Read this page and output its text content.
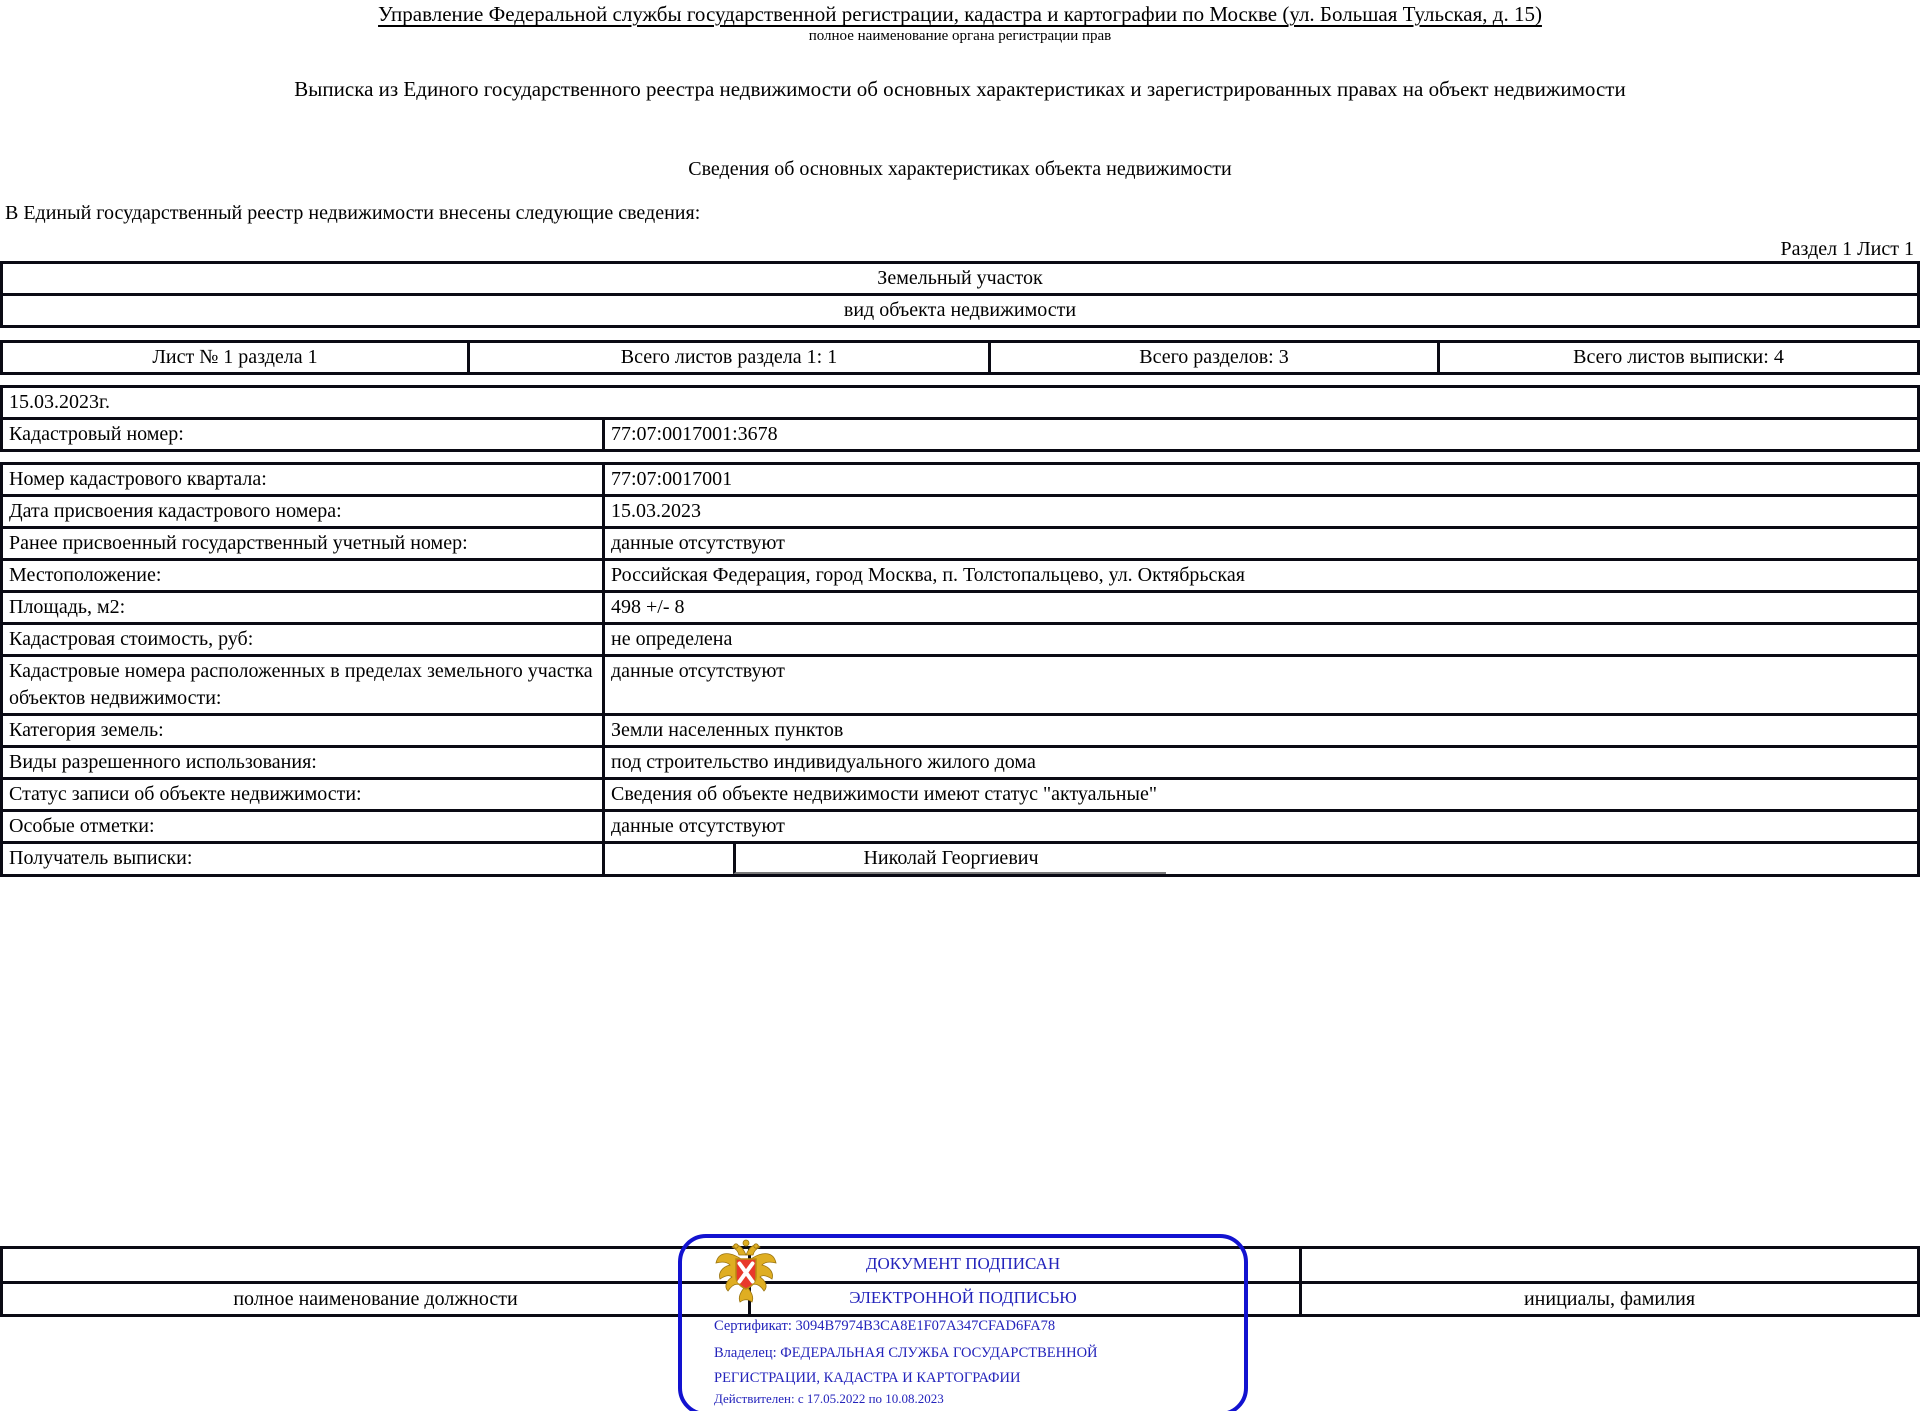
Управление Федеральной службы государственной регистрации, кадастра и картографии по Москве (ул. Большая Тульская, д. 15)
полное наименование органа регистрации прав
Выписка из Единого государственного реестра недвижимости об основных характеристиках и зарегистрированных правах на объект недвижимости
Сведения об основных характеристиках объекта недвижимости
В Единый государственный реестр недвижимости внесены следующие сведения:
Раздел 1 Лист 1
Земельный участок
вид объекта недвижимости
Лист № 1 раздела 1	Всего листов раздела 1: 1	Всего разделов: 3	Всего листов выписки: 4
15.03.2023г.
Кадастровый номер:	77:07:0017001:3678
Номер кадастрового квартала:	77:07:0017001
Дата присвоения кадастрового номера:	15.03.2023
Ранее присвоенный государственный учетный номер:	данные отсутствуют
Местоположение:	Российская Федерация, город Москва, п. Толстопальцево, ул. Октябрьская
Площадь, м2:	498 +/- 8
Кадастровая стоимость, руб:	не определена
Кадастровые номера расположенных в пределах земельного участка объектов недвижимости:
данные отсутствуют
Категория земель:	Земли населенных пунктов
Виды разрешенного использования:	под строительство индивидуального жилого дома
Статус записи об объекте недвижимости:	Сведения об объекте недвижимости имеют статус "актуальные"
Особые отметки:	данные отсутствуют
Получатель выписки:	Николай Георгиевич
полное наименование должности	инициалы, фамилия
ДОКУМЕНТ ПОДПИСАН
ЭЛЕКТРОННОЙ ПОДПИСЬЮ
Сертификат: 3094B7974B3CA8E1F07A347CFAD6FA78
Владелец: ФЕДЕРАЛЬНАЯ СЛУЖБА ГОСУДАРСТВЕННОЙ
РЕГИСТРАЦИИ, КАДАСТРА И КАРТОГРАФИИ
Действителен: с 17.05.2022 по 10.08.2023
